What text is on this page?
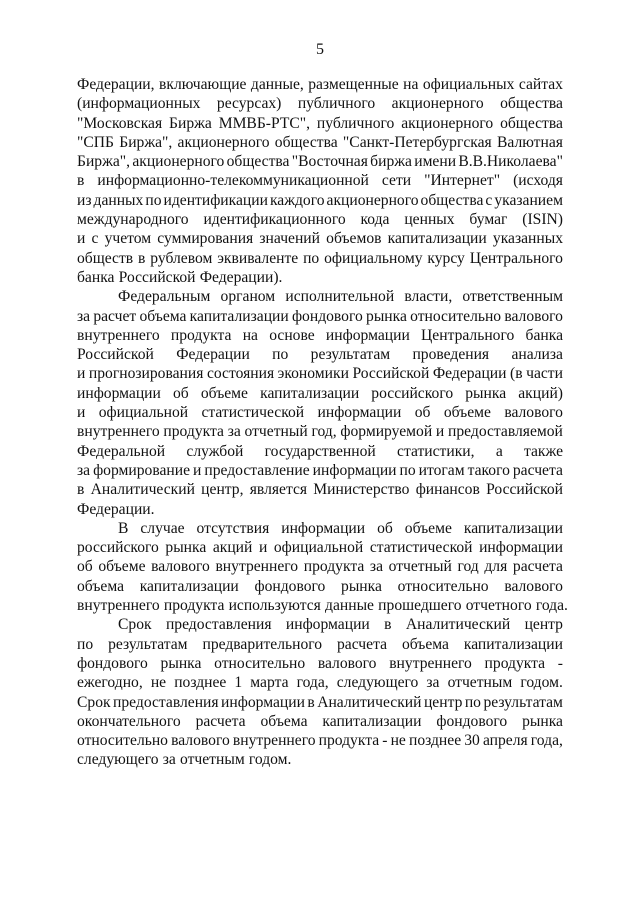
5
Федерации, включающие данные, размещенные на официальных сайтах
(информационных ресурсах) публичного акционерного общества
"Московская Биржа ММВБ-РТС", публичного акционерного общества
"СПБ Биржа", акционерного общества "Санкт-Петербургская Валютная
Биржа", акционерного общества "Восточная биржа имени В.В.Николаева"
в информационно-телекоммуникационной сети "Интернет" (исходя
из данных по идентификации каждого акционерного общества с указанием
международного идентификационного кода ценных бумаг (ISIN)
и с учетом суммирования значений объемов капитализации указанных
обществ в рублевом эквиваленте по официальному курсу Центрального
банка Российской Федерации).
Федеральным органом исполнительной власти, ответственным
за расчет объема капитализации фондового рынка относительно валового
внутреннего продукта на основе информации Центрального банка
Российской Федерации по результатам проведения анализа
и прогнозирования состояния экономики Российской Федерации (в части
информации об объеме капитализации российского рынка акций)
и официальной статистической информации об объеме валового
внутреннего продукта за отчетный год, формируемой и предоставляемой
Федеральной службой государственной статистики, а также
за формирование и предоставление информации по итогам такого расчета
в Аналитический центр, является Министерство финансов Российской
Федерации.
В случае отсутствия информации об объеме капитализации
российского рынка акций и официальной статистической информации
об объеме валового внутреннего продукта за отчетный год для расчета
объема капитализации фондового рынка относительно валового
внутреннего продукта используются данные прошедшего отчетного года.
Срок предоставления информации в Аналитический центр
по результатам предварительного расчета объема капитализации
фондового рынка относительно валового внутреннего продукта -
ежегодно, не позднее 1 марта года, следующего за отчетным годом.
Срок предоставления информации в Аналитический центр по результатам
окончательного расчета объема капитализации фондового рынка
относительно валового внутреннего продукта - не позднее 30 апреля года,
следующего за отчетным годом.
